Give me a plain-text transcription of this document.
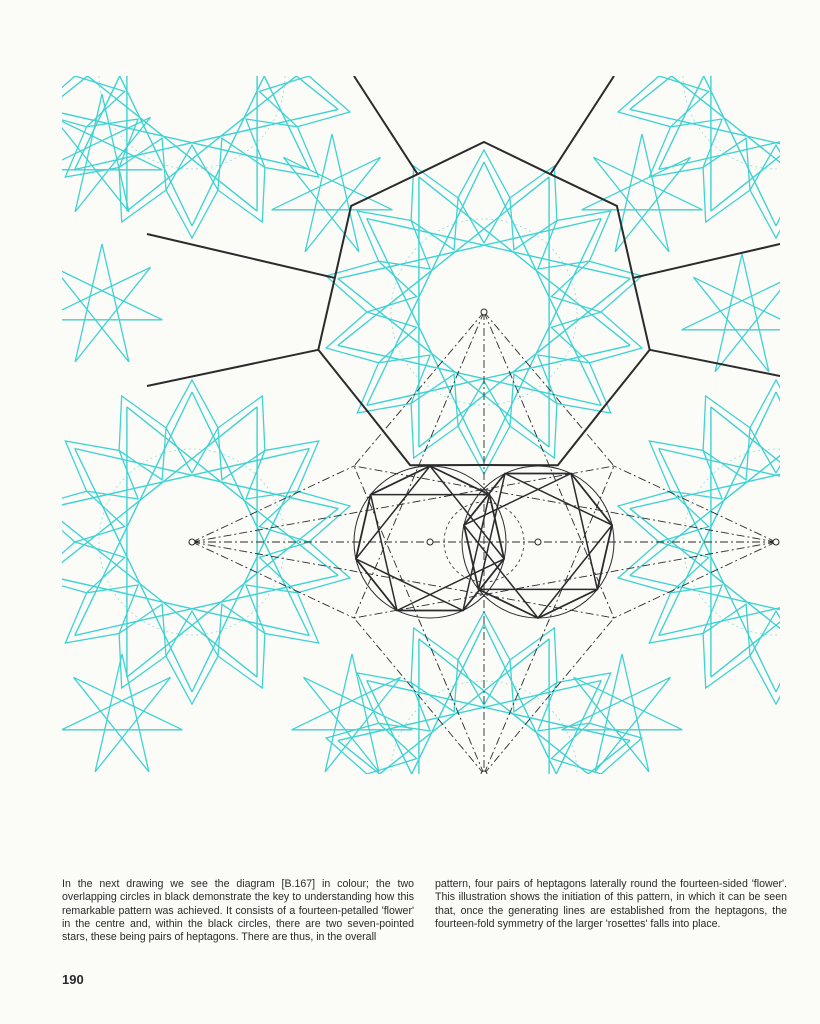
In the next drawing we see the diagram [B.167] in colour; the two overlapping circles in black demonstrate the key to understanding how this remarkable pattern was achieved. It consists of a fourteen-petalled 'flower' in the centre and, within the black circles, there are two seven-pointed stars, these being pairs of heptagons. There are thus, in the overall
pattern, four pairs of heptagons laterally round the fourteen-sided 'flower'. This illustration shows the initiation of this pattern, in which it can be seen that, once the generating lines are established from the heptagons, the fourteen-fold symmetry of the larger 'rosettes' falls into place.
190
